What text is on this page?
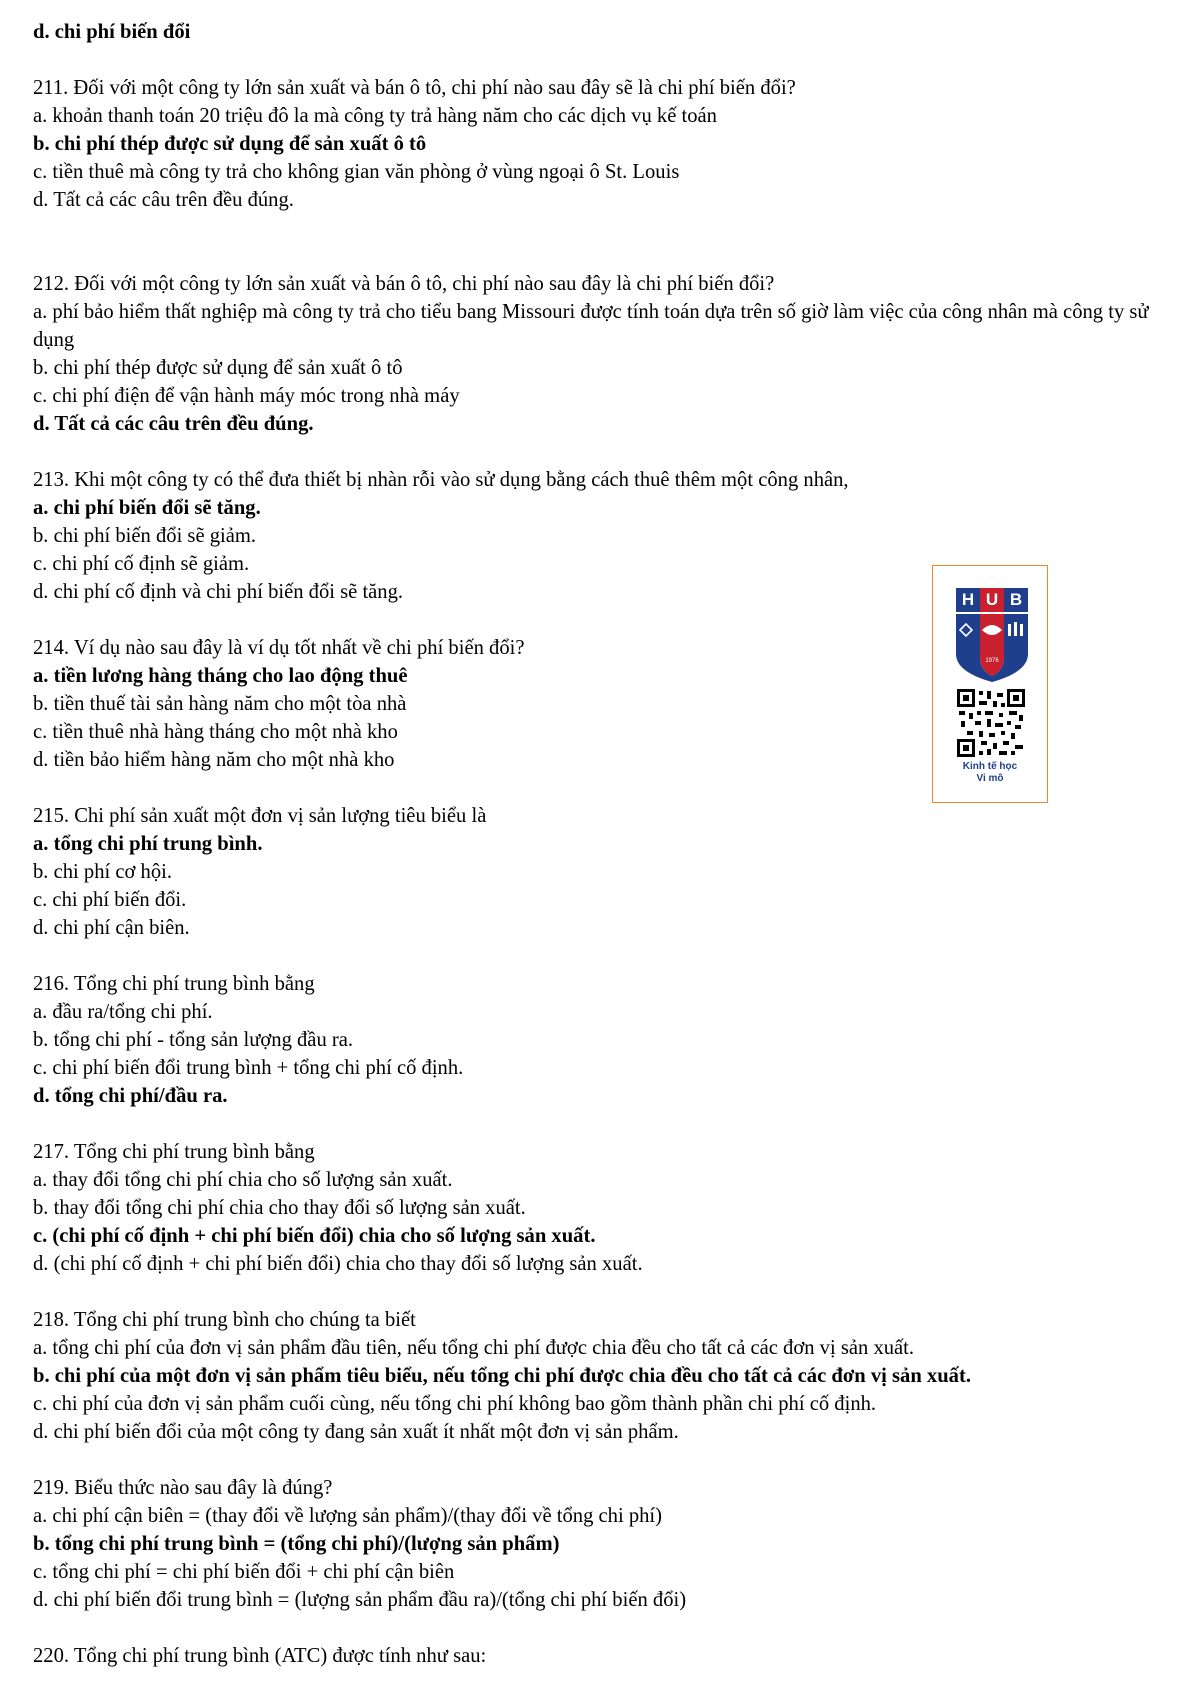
d. chi phí biến đổi
211. Đối với một công ty lớn sản xuất và bán ô tô, chi phí nào sau đây sẽ là chi phí biến đổi?
a. khoản thanh toán 20 triệu đô la mà công ty trả hàng năm cho các dịch vụ kế toán
b. chi phí thép được sử dụng để sản xuất ô tô
c. tiền thuê mà công ty trả cho không gian văn phòng ở vùng ngoại ô St. Louis
d. Tất cả các câu trên đều đúng.
212. Đối với một công ty lớn sản xuất và bán ô tô, chi phí nào sau đây là chi phí biến đổi?
a. phí bảo hiểm thất nghiệp mà công ty trả cho tiểu bang Missouri được tính toán dựa trên số giờ làm việc của công nhân mà công ty sử dụng
b. chi phí thép được sử dụng để sản xuất ô tô
c. chi phí điện để vận hành máy móc trong nhà máy
d. Tất cả các câu trên đều đúng.
213. Khi một công ty có thể đưa thiết bị nhàn rỗi vào sử dụng bằng cách thuê thêm một công nhân,
a. chi phí biến đổi sẽ tăng.
b. chi phí biến đổi sẽ giảm.
c. chi phí cố định sẽ giảm.
d. chi phí cố định và chi phí biến đổi sẽ tăng.
214. Ví dụ nào sau đây là ví dụ tốt nhất về chi phí biến đổi?
a. tiền lương hàng tháng cho lao động thuê
b. tiền thuế tài sản hàng năm cho một tòa nhà
c. tiền thuê nhà hàng tháng cho một nhà kho
d. tiền bảo hiểm hàng năm cho một nhà kho
215. Chi phí sản xuất một đơn vị sản lượng tiêu biểu là
a. tổng chi phí trung bình.
b. chi phí cơ hội.
c. chi phí biến đổi.
d. chi phí cận biên.
216. Tổng chi phí trung bình bằng
a. đầu ra/tổng chi phí.
b. tổng chi phí - tổng sản lượng đầu ra.
c. chi phí biến đổi trung bình + tổng chi phí cố định.
d. tổng chi phí/đầu ra.
217. Tổng chi phí trung bình bằng
a. thay đổi tổng chi phí chia cho số lượng sản xuất.
b. thay đổi tổng chi phí chia cho thay đổi số lượng sản xuất.
c. (chi phí cố định + chi phí biến đổi) chia cho số lượng sản xuất.
d. (chi phí cố định + chi phí biến đổi) chia cho thay đổi số lượng sản xuất.
218. Tổng chi phí trung bình cho chúng ta biết
a. tổng chi phí của đơn vị sản phẩm đầu tiên, nếu tổng chi phí được chia đều cho tất cả các đơn vị sản xuất.
b. chi phí của một đơn vị sản phẩm tiêu biểu, nếu tổng chi phí được chia đều cho tất cả các đơn vị sản xuất.
c. chi phí của đơn vị sản phẩm cuối cùng, nếu tổng chi phí không bao gồm thành phần chi phí cố định.
d. chi phí biến đổi của một công ty đang sản xuất ít nhất một đơn vị sản phẩm.
219. Biểu thức nào sau đây là đúng?
a. chi phí cận biên = (thay đổi về lượng sản phẩm)/(thay đổi về tổng chi phí)
b. tổng chi phí trung bình = (tổng chi phí)/(lượng sản phẩm)
c. tổng chi phí = chi phí biến đổi + chi phí cận biên
d. chi phí biến đổi trung bình = (lượng sản phẩm đầu ra)/(tổng chi phí biến đổi)
220. Tổng chi phí trung bình (ATC) được tính như sau:
H U B
1976
Kinh tế học
Vi mô
